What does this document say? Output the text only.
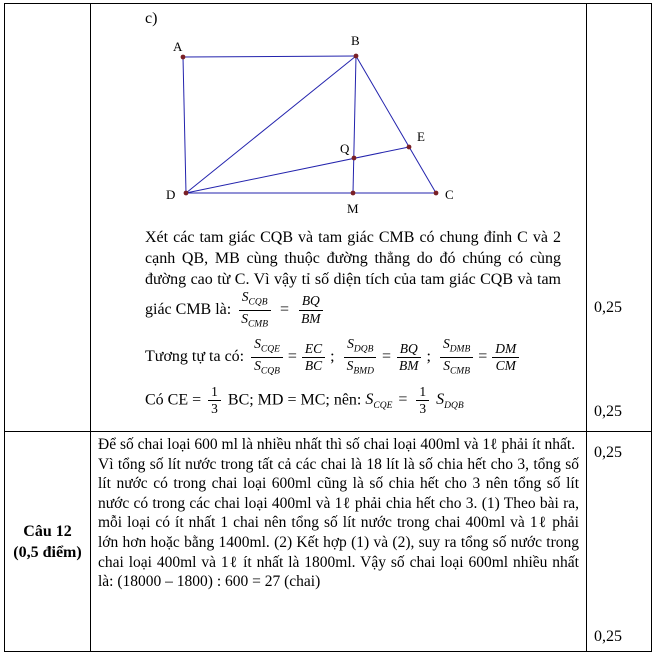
c)
A	B
D	C
E
Q
M

Xét các tam giác CQB và tam giác CMB có chung đỉnh C và 2 cạnh QB, MB cùng thuộc đường thẳng do đó chúng có cùng đường cao từ C. Vì vậy tỉ số diện tích của tam giác CQB và tam giác CMB là: $\frac{S_{CQB}}{S_{CMB}} = \frac{BQ}{BM}$

Tương tự ta có: $\frac{S_{CQE}}{S_{CQB}} = \frac{EC}{BC}$ ; $\frac{S_{DQB}}{S_{BMD}} = \frac{BQ}{BM}$ ; $\frac{S_{DMB}}{S_{CMB}} = \frac{DM}{CM}$

Có CE = $\frac{1}{3}$ BC; MD = MC; nên: $S_{CQE} = \frac{1}{3} S_{DQB}$

0,25
0,25
Câu 12
(0,5 điểm)

Để số chai loại 600 ml là nhiều nhất thì số chai loại 400ml và 1ℓ phải ít nhất.

Vì tổng số lít nước trong tất cả các chai là 18 lít là số chia hết cho 3, tổng số lít nước có trong chai loại 600ml cũng là số chia hết cho 3 nên tổng số lít nước có trong các chai loại 400ml và 1ℓ phải chia hết cho 3. (1) Theo bài ra, mỗi loại có ít nhất 1 chai nên tổng số lít nước trong chai 400ml và 1ℓ phải lớn hơn hoặc bằng 1400ml. (2) Kết hợp (1) và (2), suy ra tổng số nước trong chai loại 400ml và 1ℓ ít nhất là 1800ml. Vậy số chai loại 600ml nhiều nhất là: (18000 – 1800) : 600 = 27 (chai)

0,25
0,25
